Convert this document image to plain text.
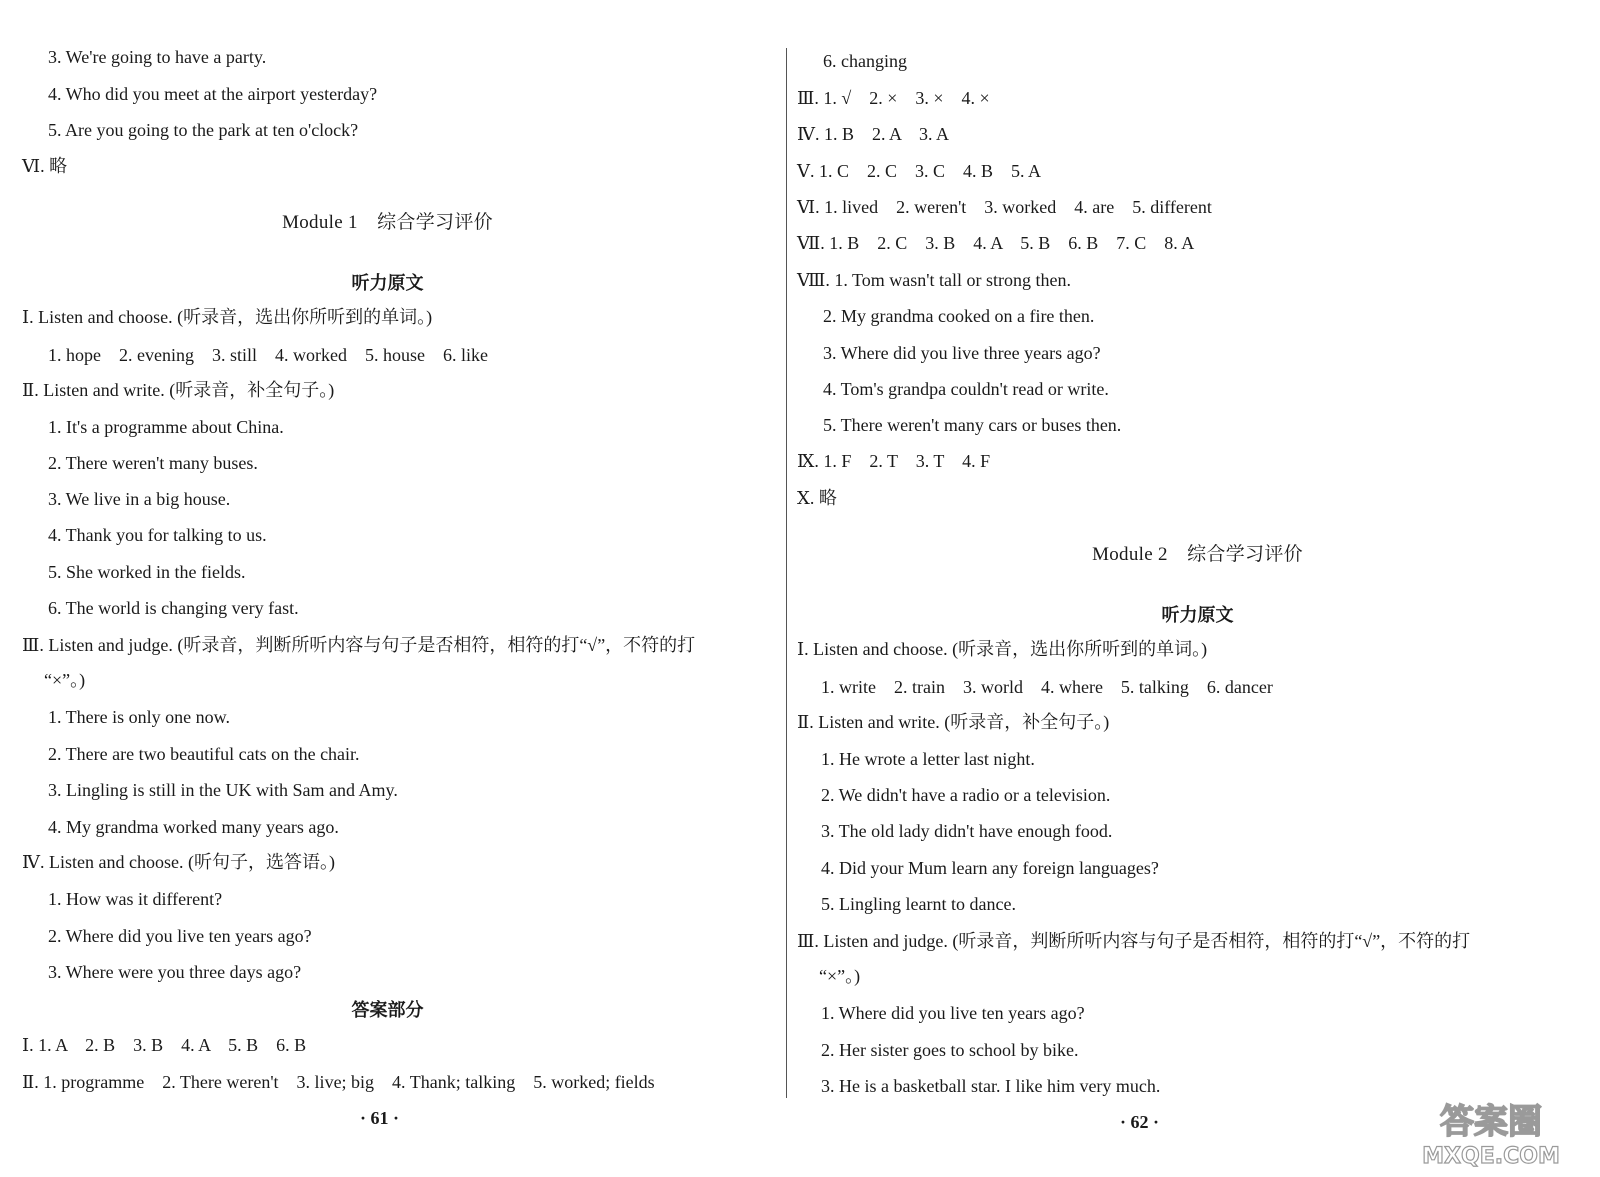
3. We're going to have a party.
4. Who did you meet at the airport yesterday?
5. Are you going to the park at ten o'clock?
Ⅵ. 略
Module 1　综合学习评价
听力原文
Ⅰ. Listen and choose. (听录音，选出你所听到的单词。)
1. hope　2. evening　3. still　4. worked　5. house　6. like
Ⅱ. Listen and write. (听录音，补全句子。)
1. It's a programme about China.
2. There weren't many buses.
3. We live in a big house.
4. Thank you for talking to us.
5. She worked in the fields.
6. The world is changing very fast.
Ⅲ. Listen and judge. (听录音，判断所听内容与句子是否相符，相符的打“√”，不符的打
“×”。)
1. There is only one now.
2. There are two beautiful cats on the chair.
3. Lingling is still in the UK with Sam and Amy.
4. My grandma worked many years ago.
Ⅳ. Listen and choose. (听句子，选答语。)
1. How was it different?
2. Where did you live ten years ago?
3. Where were you three days ago?
答案部分
Ⅰ. 1. A　2. B　3. B　4. A　5. B　6. B
Ⅱ. 1. programme　2. There weren't　3. live; big　4. Thank; talking　5. worked; fields
· 61 ·
6. changing
Ⅲ. 1. √　2. ×　3. ×　4. ×
Ⅳ. 1. B　2. A　3. A
Ⅴ. 1. C　2. C　3. C　4. B　5. A
Ⅵ. 1. lived　2. weren't　3. worked　4. are　5. different
Ⅶ. 1. B　2. C　3. B　4. A　5. B　6. B　7. C　8. A
Ⅷ. 1. Tom wasn't tall or strong then.
2. My grandma cooked on a fire then.
3. Where did you live three years ago?
4. Tom's grandpa couldn't read or write.
5. There weren't many cars or buses then.
Ⅸ. 1. F　2. T　3. T　4. F
Ⅹ. 略
Module 2　综合学习评价
听力原文
Ⅰ. Listen and choose. (听录音，选出你所听到的单词。)
1. write　2. train　3. world　4. where　5. talking　6. dancer
Ⅱ. Listen and write. (听录音，补全句子。)
1. He wrote a letter last night.
2. We didn't have a radio or a television.
3. The old lady didn't have enough food.
4. Did your Mum learn any foreign languages?
5. Lingling learnt to dance.
Ⅲ. Listen and judge. (听录音，判断所听内容与句子是否相符，相符的打“√”，不符的打
“×”。)
1. Where did you live ten years ago?
2. Her sister goes to school by bike.
3. He is a basketball star. I like him very much.
· 62 ·	答案圈
MXQE.COM
